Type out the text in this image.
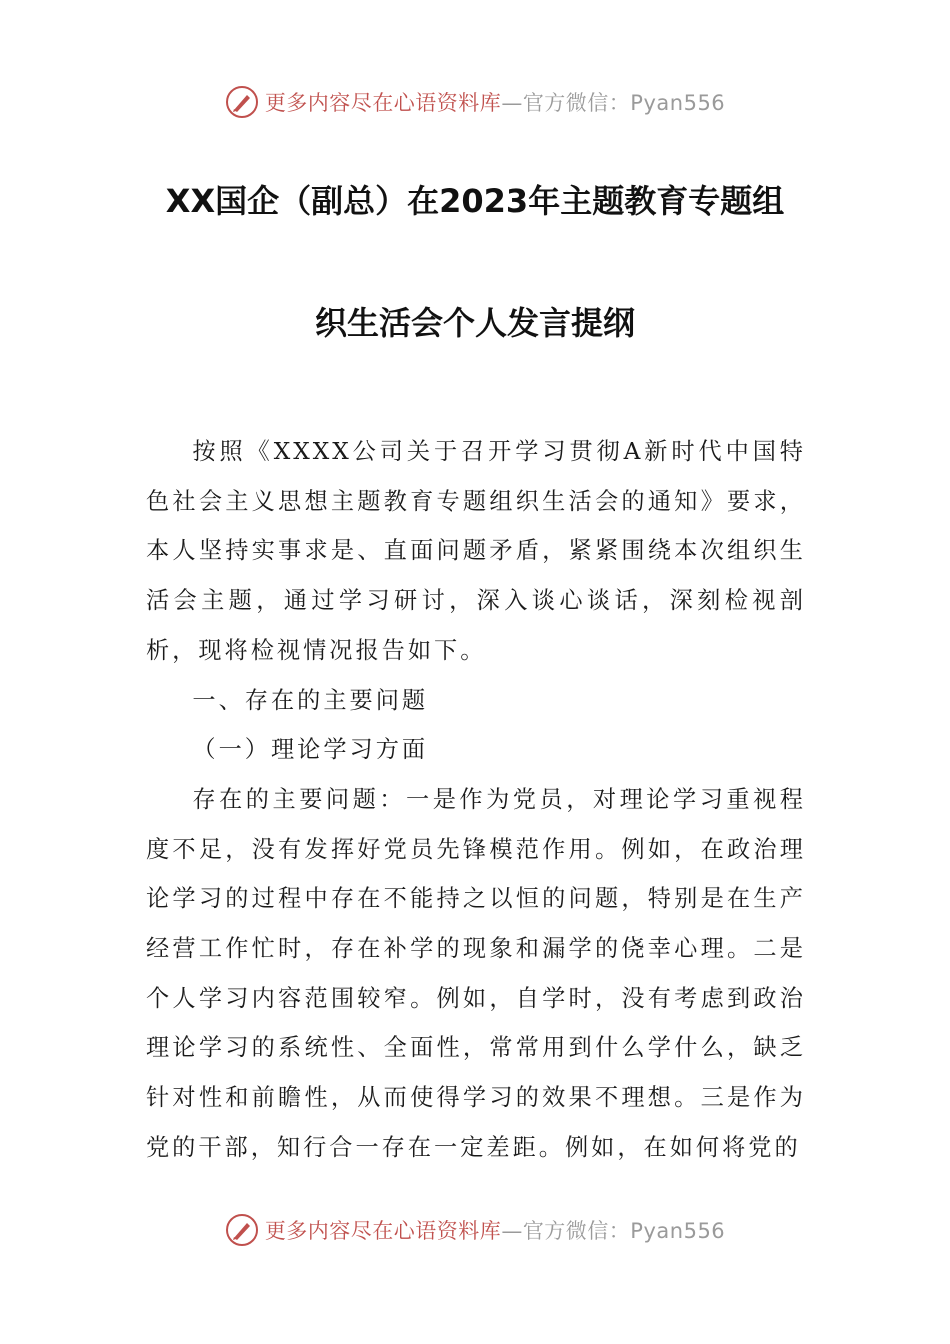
更多内容尽在心语资料库—官方微信：Pyan556
XX国企（副总）在2023年主题教育专题组
织生活会个人发言提纲

按照《XXXX公司关于召开学习贯彻A新时代中国特色社会主义思想主题教育专题组织生活会的通知》要求，本人坚持实事求是、直面问题矛盾，紧紧围绕本次组织生活会主题，通过学习研讨，深入谈心谈话，深刻检视剖析，现将检视情况报告如下。

一、存在的主要问题

（一）理论学习方面

存在的主要问题：一是作为党员，对理论学习重视程度不足，没有发挥好党员先锋模范作用。例如，在政治理论学习的过程中存在不能持之以恒的问题，特别是在生产经营工作忙时，存在补学的现象和漏学的侥幸心理。二是个人学习内容范围较窄。例如，自学时，没有考虑到政治理论学习的系统性、全面性，常常用到什么学什么，缺乏针对性和前瞻性，从而使得学习的效果不理想。三是作为党的干部，知行合一存在一定差距。例如，在如何将党的

更多内容尽在心语资料库—官方微信：Pyan556
